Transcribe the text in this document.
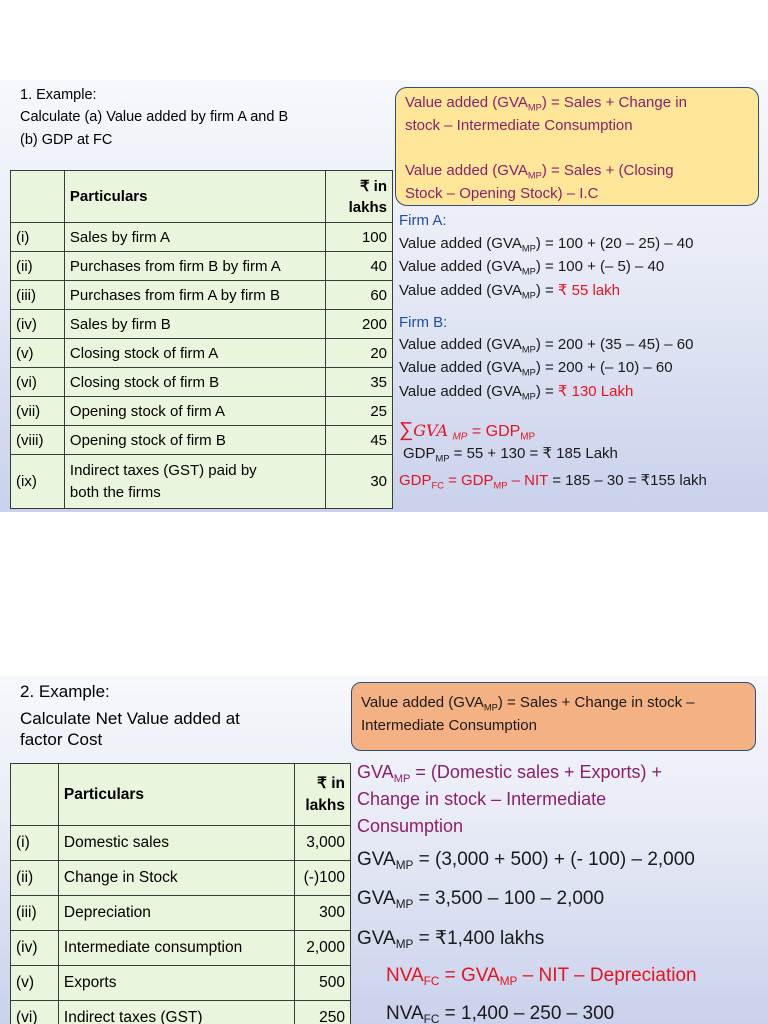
1. Example:
Calculate (a) Value added by firm A and B
(b) GDP at FC
	Particulars	₹ in
lakhs
(i)	Sales by firm A	100
(ii)	Purchases from firm B by firm A	40
(iii)	Purchases from firm A by firm B	60
(iv)	Sales by firm B	200
(v)	Closing stock of firm A	20
(vi)	Closing stock of firm B	35
(vii)	Opening stock of firm A	25
(viii)	Opening stock of firm B	45
(ix)	Indirect taxes (GST) paid by
both the firms	30
Value added $(GVA_{MP})$ = Sales + Change in
stock – Intermediate Consumption
Value added $(GVA_{MP})$ = Sales + (Closing
Stock – Opening Stock) – I.C
Firm A:
Value added $(GVA_{MP}) = 100 + (20 - 25) - 40$
Value added $(GVA_{MP}) = 100$ + (– 5) – 40
Value added $(GVA_{MP})$ = ₹ 55 lakh
Firm B:
Value added $(GVA_{MP}) = 200 + (35 - 45) - 60$
Value added $(GVA_{MP}) = 200$ + (– 10) – 60
Value added $(GVA_{MP})$ = ₹ 130 Lakh
∑GVA $_{MP} = GDP_{MP}$
$GDP_{MP} = 55 + 130$ = ₹ 185 Lakh
$GDP_{FC} = GDP_{MP}$ – NIT = 185 – 30 = ₹155 lakh
2. Example:
Calculate Net Value added at
factor Cost
	Particulars	₹ in
lakhs
(i)	Domestic sales	3,000
(ii)	Change in Stock	(-)100
(iii)	Depreciation	300
(iv)	Intermediate consumption	2,000
(v)	Exports	500
(vi)	Indirect taxes (GST)	250
Value added $(GVA_{MP})$ = Sales + Change in stock –
Intermediate Consumption
$GVA_{MP}$ = (Domestic sales + Exports) +
Change in stock – Intermediate
Consumption
$GVA_{MP} = (3,000 + 500)$ + (- 100) – 2,000
$GVA_{MP} = 3,500 - 100 - 2,000$
$GVA_{MP}$ = ₹1,400 lakhs
$NVA_{FC} = GVA_{MP}$ – NIT – Depreciation
$NVA_{FC} = 1,400 - 250 - 300$
